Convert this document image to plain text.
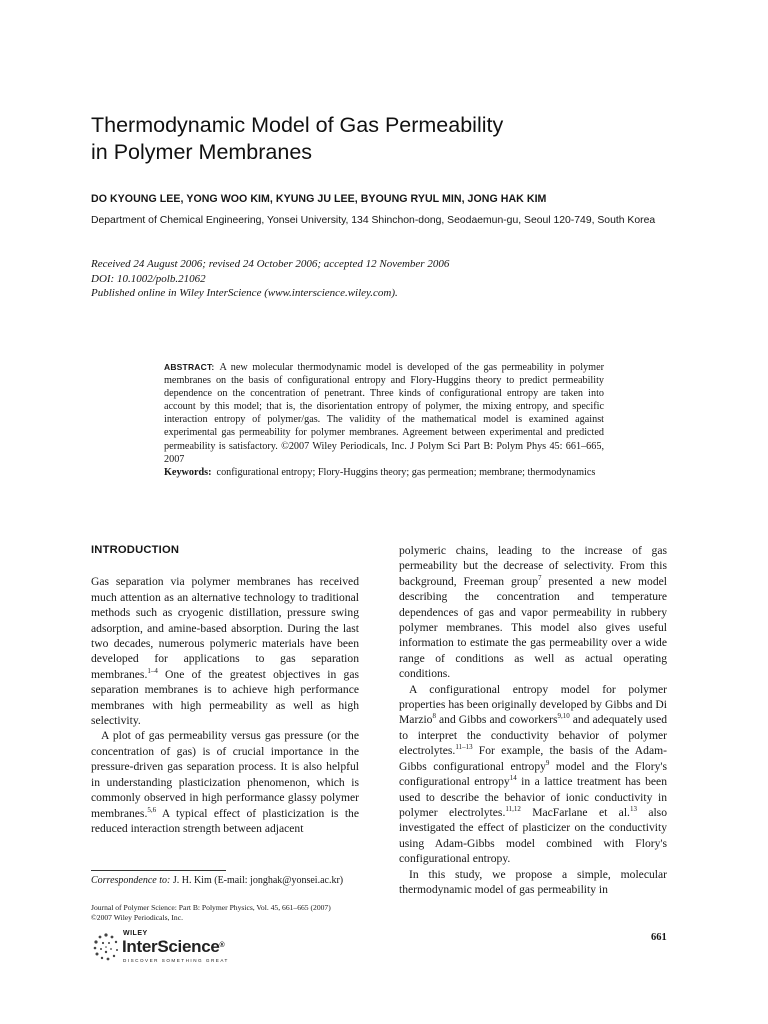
Thermodynamic Model of Gas Permeability
in Polymer Membranes
DO KYOUNG LEE, YONG WOO KIM, KYUNG JU LEE, BYOUNG RYUL MIN, JONG HAK KIM
Department of Chemical Engineering, Yonsei University, 134 Shinchon-dong, Seodaemun-gu, Seoul 120-749, South Korea
Received 24 August 2006; revised 24 October 2006; accepted 12 November 2006
DOI: 10.1002/polb.21062
Published online in Wiley InterScience (www.interscience.wiley.com).

ABSTRACT: A new molecular thermodynamic model is developed of the gas permeability in polymer membranes on the basis of configurational entropy and Flory-Huggins theory to predict permeability dependence on the concentration of penetrant. Three kinds of configurational entropy are taken into account by this model; that is, the disorientation entropy of polymer, the mixing entropy, and specific interaction entropy of polymer/gas. The validity of the mathematical model is examined against experimental gas permeability for polymer membranes. Agreement between experimental and predicted permeability is satisfactory. ©2007 Wiley Periodicals, Inc. J Polym Sci Part B: Polym Phys 45: 661–665, 2007

Keywords: configurational entropy; Flory-Huggins theory; gas permeation; membrane; thermodynamics

INTRODUCTION

Gas separation via polymer membranes has received much attention as an alternative technology to traditional methods such as cryogenic distillation, pressure swing adsorption, and amine-based absorption. During the last two decades, numerous polymeric materials have been developed for applications to gas separation membranes.$^{1-4}$ One of the greatest objectives in gas separation membranes is to achieve high performance membranes with high permeability as well as high selectivity.

A plot of gas permeability versus gas pressure (or the concentration of gas) is of crucial importance in the pressure-driven gas separation process. It is also helpful in understanding plasticization phenomenon, which is commonly observed in high performance glassy polymer membranes.$^{5,6}$ A typical effect of plasticization is the reduced interaction strength between adjacent

polymeric chains, leading to the increase of gas permeability but the decrease of selectivity. From this background, Freeman group$^7$ presented a new model describing the concentration and temperature dependences of gas and vapor permeability in rubbery polymer membranes. This model also gives useful information to estimate the gas permeability over a wide range of conditions as well as actual operating conditions.

A configurational entropy model for polymer properties has been originally developed by Gibbs and Di Marzio$^8$ and Gibbs and coworkers$^{9,10}$ and adequately used to interpret the conductivity behavior of polymer electrolytes.$^{11-13}$ For example, the basis of the Adam-Gibbs configurational entropy$^9$ model and the Flory's configurational entropy$^{14}$ in a lattice treatment has been used to describe the behavior of ionic conductivity in polymer electrolytes.$^{11,12}$ MacFarlane et al.$^{13}$ also investigated the effect of plasticizer on the conductivity using Adam-Gibbs model combined with Flory's configurational entropy.

In this study, we propose a simple, molecular thermodynamic model of gas permeability in

Correspondence to: J. H. Kim (E-mail: jonghak@yonsei.ac.kr)
Journal of Polymer Science: Part B: Polymer Physics, Vol. 45, 661–665 (2007)
©2007 Wiley Periodicals, Inc.
WILEY
InterScience®
DISCOVER SOMETHING GREAT
661
